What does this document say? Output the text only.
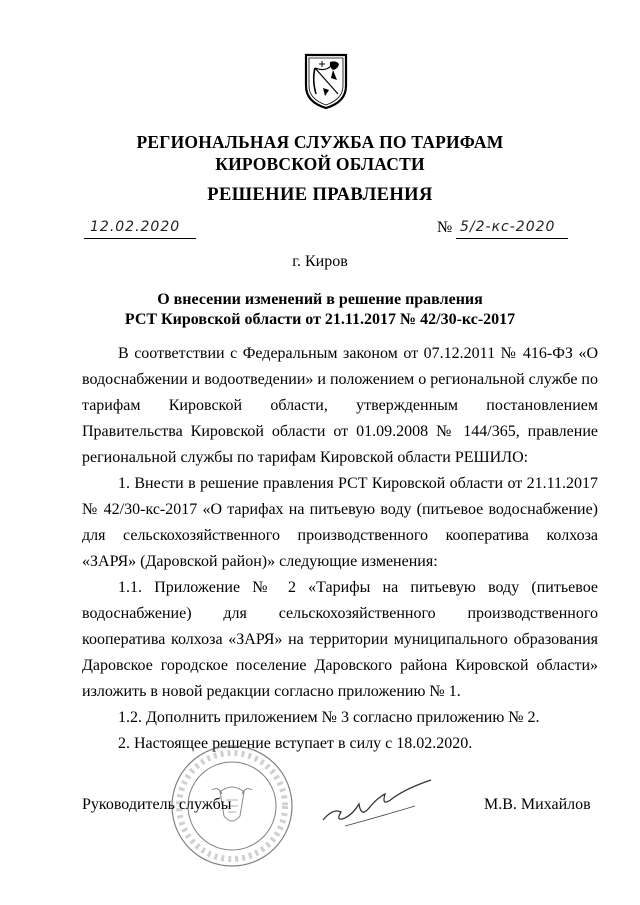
РЕГИОНАЛЬНАЯ СЛУЖБА ПО ТАРИФАМ
КИРОВСКОЙ ОБЛАСТИ
РЕШЕНИЕ ПРАВЛЕНИЯ
12.02.2020	№ 5/2-кс-2020
г. Киров
О внесении изменений в решение правления
РСТ Кировской области от 21.11.2017 № 42/30-кс-2017

В соответствии с Федеральным законом от 07.12.2011 № 416-ФЗ «О водоснабжении и водоотведении» и положением о региональной службе по тарифам Кировской области, утвержденным постановлением Правительства Кировской области от 01.09.2008 № 144/365, правление региональной службы по тарифам Кировской области РЕШИЛО:

1. Внести в решение правления РСТ Кировской области от 21.11.2017 № 42/30-кс-2017 «О тарифах на питьевую воду (питьевое водоснабжение) для сельскохозяйственного производственного кооператива колхоза «ЗАРЯ» (Даровской район)» следующие изменения:

1.1. Приложение № 2 «Тарифы на питьевую воду (питьевое водоснабжение) для сельскохозяйственного производственного кооператива колхоза «ЗАРЯ» на территории муниципального образования Даровское городское поселение Даровского района Кировской области» изложить в новой редакции согласно приложению № 1.

1.2. Дополнить приложением № 3 согласно приложению № 2.

2. Настоящее решение вступает в силу с 18.02.2020.

Руководитель службы	М.В. Михайлов
